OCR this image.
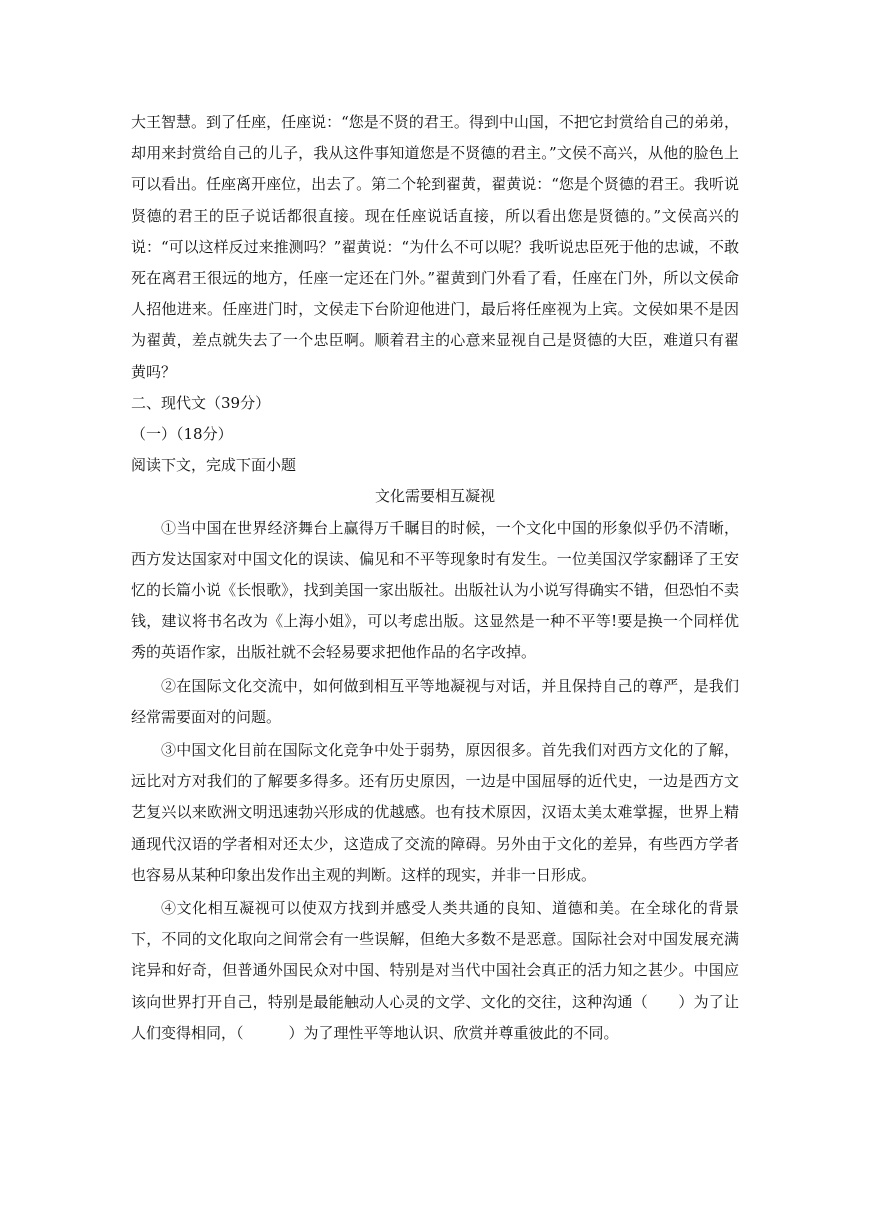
大王智慧。到了任座，任座说：“您是不贤的君王。得到中山国，不把它封赏给自己的弟弟，却用来封赏给自己的儿子，我从这件事知道您是不贤德的君主。”文侯不高兴，从他的脸色上可以看出。任座离开座位，出去了。第二个轮到翟黄，翟黄说：“您是个贤德的君王。我听说贤德的君王的臣子说话都很直接。现在任座说话直接，所以看出您是贤德的。”文侯高兴的说：“可以这样反过来推测吗？”翟黄说：“为什么不可以呢？我听说忠臣死于他的忠诚，不敢死在离君王很远的地方，任座一定还在门外。”翟黄到门外看了看，任座在门外，所以文侯命人招他进来。任座进门时，文侯走下台阶迎他进门，最后将任座视为上宾。文侯如果不是因为翟黄，差点就失去了一个忠臣啊。顺着君主的心意来显视自己是贤德的大臣，难道只有翟黄吗？

二、现代文（39分）

（一）（18分）

阅读下文，完成下面小题

文化需要相互凝视

①当中国在世界经济舞台上赢得万千瞩目的时候，一个文化中国的形象似乎仍不清晰，西方发达国家对中国文化的误读、偏见和不平等现象时有发生。一位美国汉学家翻译了王安忆的长篇小说《长恨歌》，找到美国一家出版社。出版社认为小说写得确实不错，但恐怕不卖钱，建议将书名改为《上海小姐》，可以考虑出版。这显然是一种不平等!要是换一个同样优秀的英语作家，出版社就不会轻易要求把他作品的名字改掉。

②在国际文化交流中，如何做到相互平等地凝视与对话，并且保持自己的尊严，是我们经常需要面对的问题。

③中国文化目前在国际文化竞争中处于弱势，原因很多。首先我们对西方文化的了解，远比对方对我们的了解要多得多。还有历史原因，一边是中国屈辱的近代史，一边是西方文艺复兴以来欧洲文明迅速勃兴形成的优越感。也有技术原因，汉语太美太难掌握，世界上精通现代汉语的学者相对还太少，这造成了交流的障碍。另外由于文化的差异，有些西方学者也容易从某种印象出发作出主观的判断。这样的现实，并非一日形成。

④文化相互凝视可以使双方找到并感受人类共通的良知、道德和美。在全球化的背景下，不同的文化取向之间常会有一些误解，但绝大多数不是恶意。国际社会对中国发展充满诧异和好奇，但普通外国民众对中国、特别是对当代中国社会真正的活力知之甚少。中国应该向世界打开自己，特别是最能触动人心灵的文学、文化的交往，这种沟通（　　）为了让人们变得相同，（　　　）为了理性平等地认识、欣赏并尊重彼此的不同。
